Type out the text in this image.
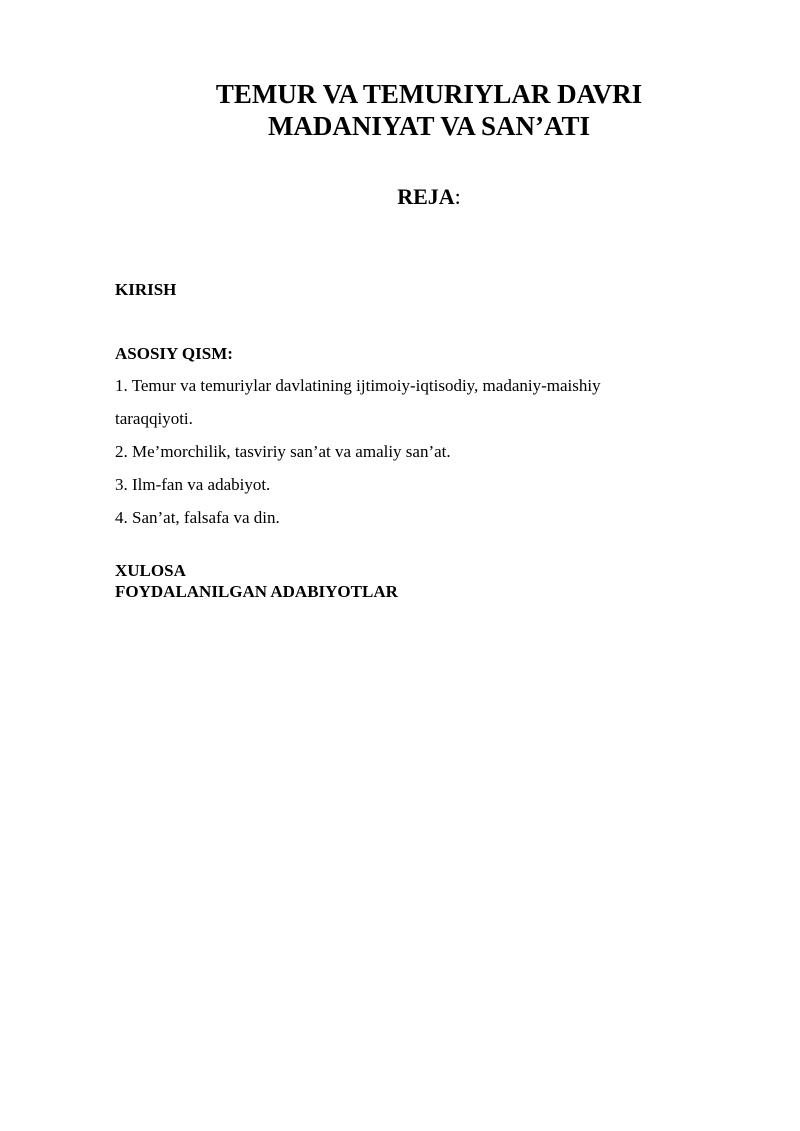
TEMUR VA TEMURIYLAR DAVRI
MADANIYAT VA SAN’ATI

REJA:

KIRISH

ASOSIY QISM:

1. Temur va temuriylar davlatining ijtimoiy-iqtisodiy, madaniy-maishiy
taraqqiyoti.
2. Me’morchilik, tasviriy san’at va amaliy san’at.
3. Ilm-fan va adabiyot.
4. San’at, falsafa va din.

XULOSA

FOYDALANILGAN ADABIYOTLAR
